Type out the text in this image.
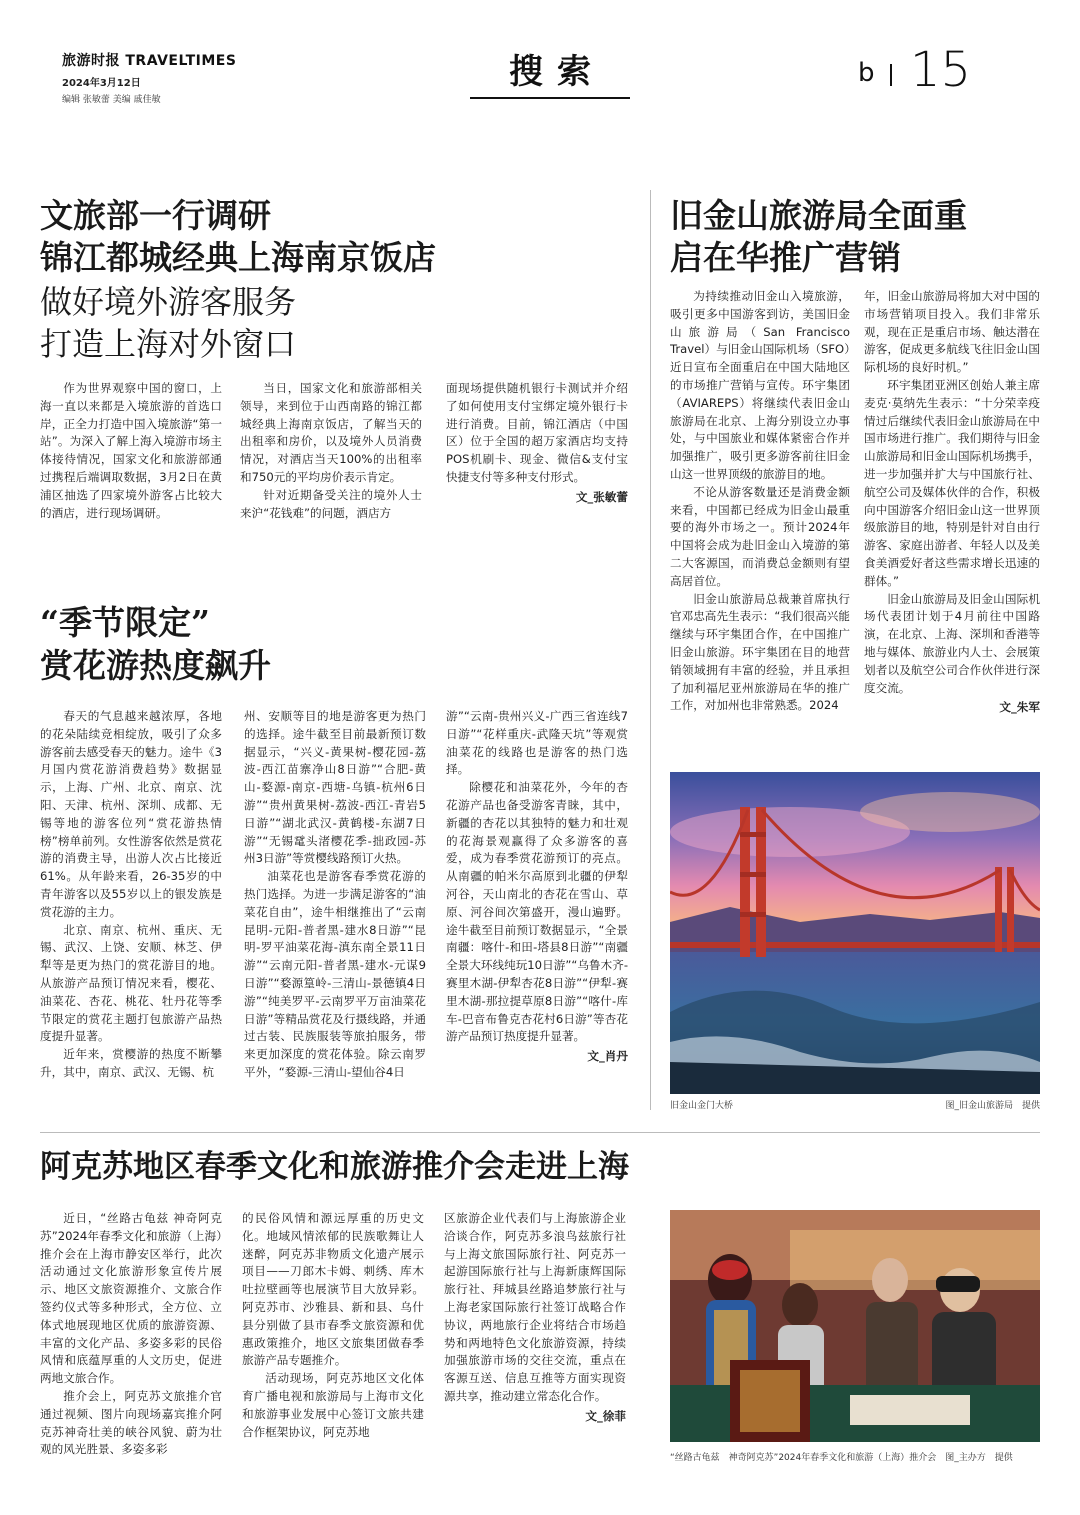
旅游时报 TRAVELTIMES
2024年3月12日
编辑 张敏蕾 美编 戚佳敏
搜索	b 15
文旅部一行调研
锦江都城经典上海南京饭店
做好境外游客服务
打造上海对外窗口

作为世界观察中国的窗口，上海一直以来都是入境旅游的首选口岸，正全力打造中国入境旅游“第一站”。为深入了解上海入境游市场主体接待情况，国家文化和旅游部通过携程后端调取数据，3月2日在黄浦区抽选了四家境外游客占比较大的酒店，进行现场调研。

当日，国家文化和旅游部相关领导，来到位于山西南路的锦江都城经典上海南京饭店，了解当天的出租率和房价，以及境外人员消费情况，对酒店当天100%的出租率和750元的平均房价表示肯定。

针对近期备受关注的境外人士来沪“花钱难”的问题，酒店方

面现场提供随机银行卡测试并介绍了如何使用支付宝绑定境外银行卡进行消费。目前，锦江酒店（中国区）位于全国的超万家酒店均支持POS机刷卡、现金、微信&支付宝快捷支付等多种支付形式。

文_张敏蕾

“季节限定”
赏花游热度飙升

春天的气息越来越浓厚，各地的花朵陆续竞相绽放，吸引了众多游客前去感受春天的魅力。途牛《3月国内赏花游消费趋势》数据显示，上海、广州、北京、南京、沈阳、天津、杭州、深圳、成都、无锡等地的游客位列“赏花游热情榜”榜单前列。女性游客依然是赏花游的消费主导，出游人次占比接近61%。从年龄来看，26-35岁的中青年游客以及55岁以上的银发族是赏花游的主力。

北京、南京、杭州、重庆、无锡、武汉、上饶、安顺、林芝、伊犁等是更为热门的赏花游目的地。从旅游产品预订情况来看，樱花、油菜花、杏花、桃花、牡丹花等季节限定的赏花主题打包旅游产品热度提升显著。

近年来，赏樱游的热度不断攀升，其中，南京、武汉、无锡、杭

州、安顺等目的地是游客更为热门的选择。途牛截至目前最新预订数据显示，“兴义-黄果树-樱花园-荔波-西江苗寨净山8日游”“合肥-黄山-婺源-南京-西塘-乌镇-杭州6日游”“贵州黄果树-荔波-西江-青岩5日游”“湖北武汉-黄鹤楼-东湖7日游”“无锡鼋头渚樱花季-拙政园-苏州3日游”等赏樱线路预订火热。

油菜花也是游客春季赏花游的热门选择。为进一步满足游客的“油菜花自由”，途牛相继推出了“云南昆明-元阳-普者黑-建水8日游”“昆明-罗平油菜花海-滇东南全景11日游”“云南元阳-普者黑-建水-元谋9日游”“婺源篁岭-三清山-景德镇4日游”“纯美罗平-云南罗平万亩油菜花日游”等精品赏花及行摄线路，并通过古装、民族服装等旅拍服务，带来更加深度的赏花体验。除云南罗平外，“婺源-三清山-望仙谷4日

游”“云南-贵州兴义-广西三省连线7日游”“花样重庆-武隆天坑”等观赏油菜花的线路也是游客的热门选择。

除樱花和油菜花外，今年的杏花游产品也备受游客青睐，其中，新疆的杏花以其独特的魅力和壮观的花海景观赢得了众多游客的喜爱，成为春季赏花游预订的亮点。从南疆的帕米尔高原到北疆的伊犁河谷，天山南北的杏花在雪山、草原、河谷间次第盛开，漫山遍野。途牛截至目前预订数据显示，“全景南疆：喀什-和田-塔县8日游”“南疆全景大环线纯玩10日游”“乌鲁木齐-赛里木湖-伊犁杏花8日游”“伊犁-赛里木湖-那拉提草原8日游”“喀什-库车-巴音布鲁克杏花村6日游”等杏花游产品预订热度提升显著。

文_肖丹

旧金山旅游局全面重
启在华推广营销

为持续推动旧金山入境旅游，吸引更多中国游客到访，美国旧金山旅游局（San Francisco Travel）与旧金山国际机场（SFO）近日宣布全面重启在中国大陆地区的市场推广营销与宣传。环宇集团（AVIAREPS）将继续代表旧金山旅游局在北京、上海分别设立办事处，与中国旅业和媒体紧密合作并加强推广，吸引更多游客前往旧金山这一世界顶级的旅游目的地。

不论从游客数量还是消费金额来看，中国都已经成为旧金山最重要的海外市场之一。预计2024年中国将会成为赴旧金山入境游的第二大客源国，而消费总金额则有望高居首位。

旧金山旅游局总裁兼首席执行官邓忠高先生表示：“我们很高兴能继续与环宇集团合作，在中国推广旧金山旅游。环宇集团在目的地营销领域拥有丰富的经验，并且承担了加利福尼亚州旅游局在华的推广工作，对加州也非常熟悉。2024

年，旧金山旅游局将加大对中国的市场营销项目投入。我们非常乐观，现在正是重启市场、触达潜在游客，促成更多航线飞往旧金山国际机场的良好时机。”

环宇集团亚洲区创始人兼主席麦克·莫纳先生表示：“十分荣幸疫情过后继续代表旧金山旅游局在中国市场进行推广。我们期待与旧金山旅游局和旧金山国际机场携手，进一步加强并扩大与中国旅行社、航空公司及媒体伙伴的合作，积极向中国游客介绍旧金山这一世界顶级旅游目的地，特别是针对自由行游客、家庭出游者、年轻人以及美食美酒爱好者这些需求增长迅速的群体。”

旧金山旅游局及旧金山国际机场代表团计划于4月前往中国路演，在北京、上海、深圳和香港等地与媒体、旅游业内人士、会展策划者以及航空公司合作伙伴进行深度交流。

文_朱军

旧金山金门大桥	图_旧金山旅游局　提供
阿克苏地区春季文化和旅游推介会走进上海

近日，“丝路古龟兹 神奇阿克苏”2024年春季文化和旅游（上海）推介会在上海市静安区举行，此次活动通过文化旅游形象宣传片展示、地区文旅资源推介、文旅合作签约仪式等多种形式，全方位、立体式地展现地区优质的旅游资源、丰富的文化产品、多姿多彩的民俗风情和底蕴厚重的人文历史，促进两地文旅合作。

推介会上，阿克苏文旅推介官通过视频、图片向现场嘉宾推介阿克苏神奇壮美的峡谷风貌、蔚为壮观的风光胜景、多姿多彩

的民俗风情和源远厚重的历史文化。地域风情浓郁的民族歌舞让人迷醉，阿克苏非物质文化遗产展示项目——刀郎木卡姆、刺绣、库木吐拉壁画等也展演节目大放异彩。阿克苏市、沙雅县、新和县、乌什县分别做了县市春季文旅资源和优惠政策推介，地区文旅集团做春季旅游产品专题推介。

活动现场，阿克苏地区文化体育广播电视和旅游局与上海市文化和旅游事业发展中心签订文旅共建合作框架协议，阿克苏地

区旅游企业代表们与上海旅游企业洽谈合作，阿克苏多浪鸟兹旅行社与上海文旅国际旅行社、阿克苏一起游国际旅行社与上海新康辉国际旅行社、拜城县丝路追梦旅行社与上海老家国际旅行社签订战略合作协议，两地旅行企业将结合市场趋势和两地特色文化旅游资源，持续加强旅游市场的交往交流，重点在客源互送、信息互推等方面实现资源共享，推动建立常态化合作。

文_徐菲

“丝路古龟兹　神奇阿克苏”2024年春季文化和旅游（上海）推介会　图_主办方　提供
